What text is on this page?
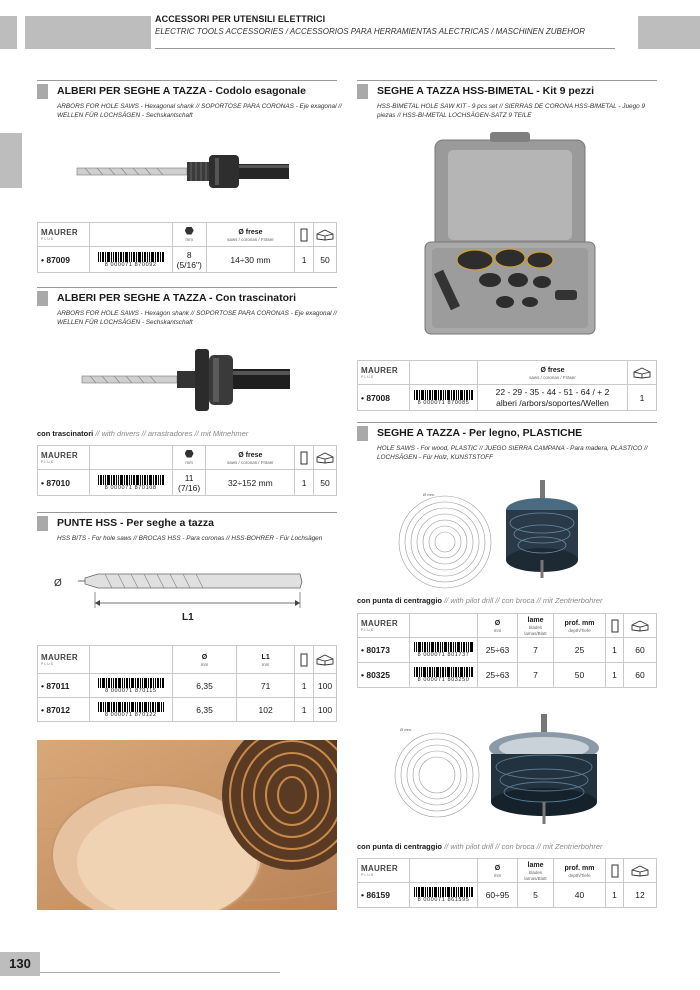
ACCESSORI PER UTENSILI ELETTRICI
ELECTRIC TOOLS ACCESSORIES / ACCESSORIOS PARA HERRAMIENTAS ALECTRICAS / MASCHINEN ZUBEHOR
ALBERI PER SEGHE A TAZZA - Codolo esagonale
ARBORS FOR HOLE SAWS - Hexagonal shank // SOPORTOSE PARA CORONAS - Eje exagonal // WELLEN FÜR LOCHSÄGEN - Sechskantschaft
MAURER
PLUS		mm	Ø frese
saws / coronas / Fräser

• 87009	8 000071 870092	8
(5/16")	14÷30 mm	1	50
ALBERI PER SEGHE A TAZZA - Con trascinatori
ARBORS FOR HOLE SAWS - Hexagon shank // SOPORTOSE PARA CORONAS - Eje exagonal // WELLEN FÜR LOCHSÄGEN - Sechskantschaft
con trascinatori // with drivers // arrastradores // mit Mitnehmer
MAURER
PLUS		mm	Ø frese
saws / coronas / Fräser

• 87010	8 000071 870108	11
(7/16)	32÷152 mm	1	50
PUNTE HSS - Per seghe a tazza
HSS BITS - For hole saws // BROCAS HSS - Para coronas // HSS-BOHRER - Für Lochsägen
Ø
L1
MAURER
PLUS		Ø
mm	L1
mm

• 87011	8 000071 870115	6,35	71	1	100
• 87012	8 000071 870122	6,35	102	1	100
SEGHE A TAZZA HSS-BIMETAL - Kit 9 pezzi
HSS-BIMETAL HOLE SAW KIT - 9 pcs set // SIERRAS DE CORONA HSS-BIMETAL - Juego 9 piezas // HSS-BI-METAL LOCHSÄGEN-SATZ 9 TEILE
MAURER
PLUS		Ø frese
saws / coronas / Fräser

• 87008	8 000071 870085	22 - 29 - 35 - 44 - 51 - 64 / + 2
alberi /arbors/soportes/Wellen	1
SEGHE A TAZZA - Per legno, PLASTICHE
HOLE SAWS - For wood, PLASTIC // JUEGO SIERRA CAMPANA - Para madera, PLASTICO // LOCHSÄGEN - Für Holz, KUNSTSTOFF
Ø mm.
con punta di centraggio // with pilot drill // con broca // mit Zentrierbohrer
MAURER
PLUS		Ø
mm	lame
blades lamas/Blatt	prof. mm
depth/Tiefe

• 80173	8 000071 801737	25÷63	7	25	1	60
• 80325	8 000071 803250	25÷63	7	50	1	60
Ø mm.
con punta di centraggio // with pilot drill // con broca // mit Zentrierbohrer
MAURER
PLUS		Ø
mm	lame
blades lamas/Blatt	prof. mm
depth/Tiefe

• 86159	8 000071 861595	60÷95	5	40	1	12
130
